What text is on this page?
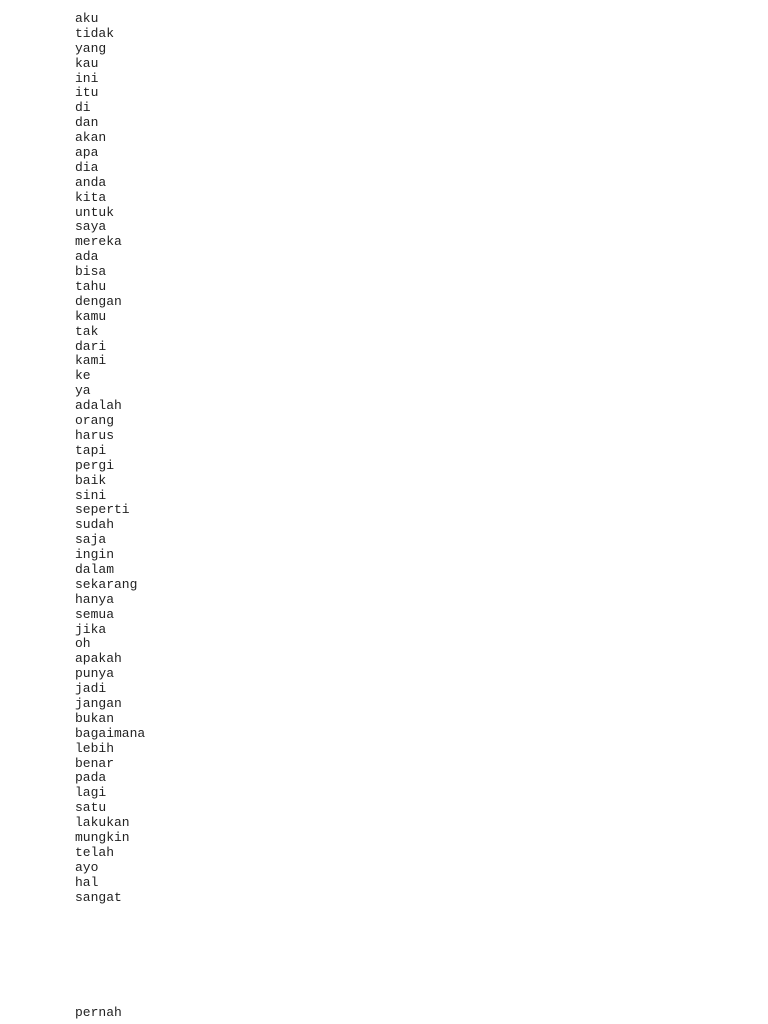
aku
tidak
yang
kau
ini
itu
di
dan
akan
apa
dia
anda
kita
untuk
saya
mereka
ada
bisa
tahu
dengan
kamu
tak
dari
kami
ke
ya
adalah
orang
harus
tapi
pergi
baik
sini
seperti
sudah
saja
ingin
dalam
sekarang
hanya
semua
jika
oh
apakah
punya
jadi
jangan
bukan
bagaimana
lebih
benar
pada
lagi
satu
lakukan
mungkin
telah
ayo
hal
sangat
pernah
